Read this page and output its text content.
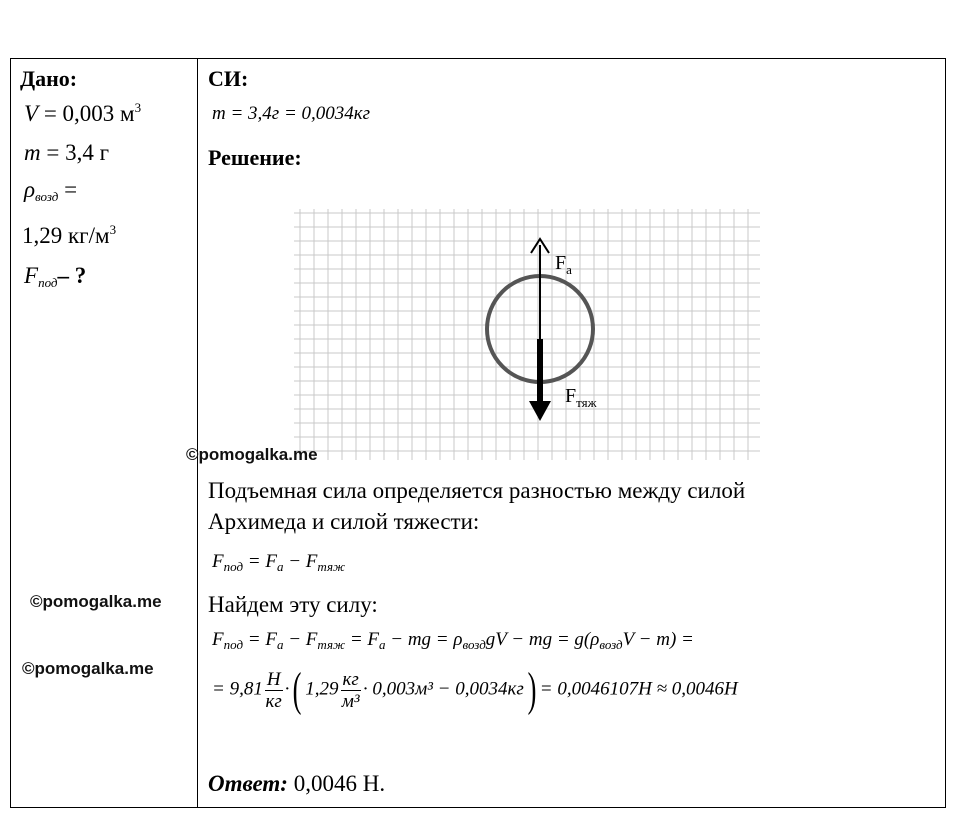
Дано:
V = 0,003 $м^3$
m = 3,4 г
$\rho_{возд}$ =
1,29 $кг/м^3$
$F_{под}-$ ?
СИ:
m = 3,4г = 0,0034кг
Решение:
$F_a$
$F_{тяж}$
©pomogalka.me
©pomogalka.me
©pomogalka.me
Подъемная сила определяется разностью между силой
Архимеда и силой тяжести:
$F_{под} = F_a - F_{тяж}$
Найдем эту силу:
$F_{под} = F_a - F_{тяж} = F_a$ − mg = $\rho_{возд}gV$ − mg = $g(\rho_{возд}V - m)$ =
= $9,81 \frac{Н}{кг}$ ·( $1,29 \frac{кг}{\text{м³}} \cdot 0,003м^3 - 0,0034кг) = 0,0046107Н \approx 0,0046Н$
Ответ: 0,0046 Н.
